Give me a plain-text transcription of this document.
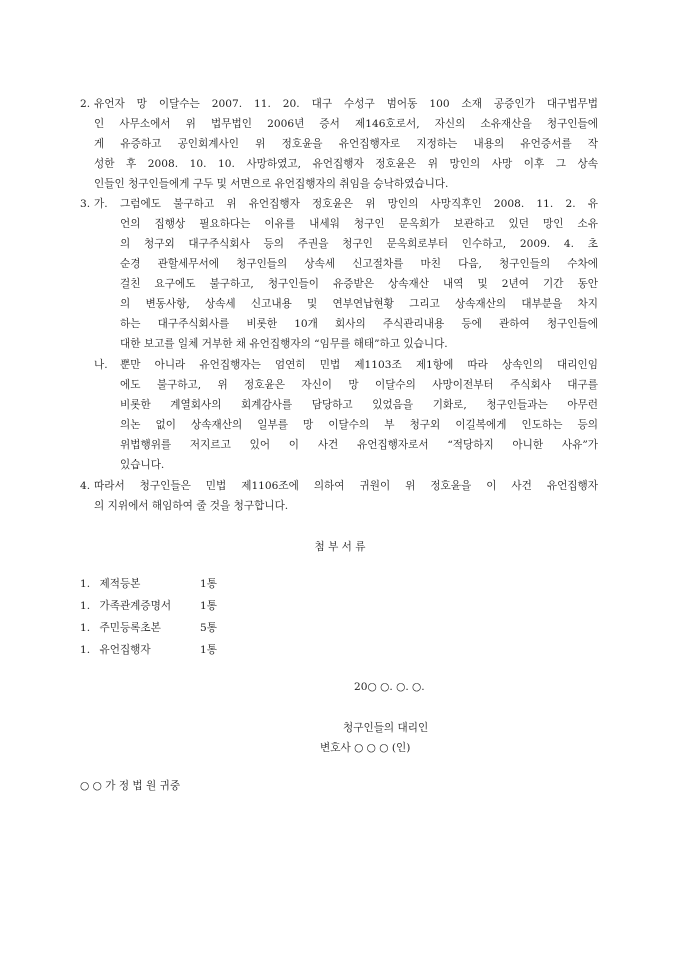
2. 유언자 망 이달수는 2007. 11. 20. 대구 수성구 범어동 100 소재 공증인가 대구법무법
인 사무소에서 위 법무법인 2006년 증서 제146호로서, 자신의 소유재산을 청구인들에
게 유증하고 공인회계사인 위 정호윤을 유언집행자로 지정하는 내용의 유언증서를 작
성한 후 2008. 10. 10. 사망하였고, 유언집행자 정호윤은 위 망인의 사망 이후 그 상속
인들인 청구인들에게 구두 및 서면으로 유언집행자의 취임을 승낙하였습니다.
3. 가. 그럼에도 불구하고 위 유언집행자 정호윤은 위 망인의 사망직후인 2008. 11. 2. 유
언의 집행상 필요하다는 이유를 내세워 청구인 문옥희가 보관하고 있던 망인 소유
의 청구외 대구주식회사 등의 주권을 청구인 문옥희로부터 인수하고, 2009. 4. 초
순경 관할세무서에 청구인들의 상속세 신고절차를 마친 다음, 청구인들의 수차에
걸친 요구에도 불구하고, 청구인들이 유증받은 상속재산 내역 및 2년여 기간 동안
의 변동사항, 상속세 신고내용 및 연부연납현황 그리고 상속재산의 대부분을 차지
하는 대구주식회사를 비롯한 10개 회사의 주식관리내용 등에 관하여 청구인들에
대한 보고를 일체 거부한 채 유언집행자의 “임무를 해태”하고 있습니다.
나. 뿐만 아니라 유언집행자는 엄연히 민법 제1103조 제1항에 따라 상속인의 대리인임
에도 불구하고, 위 정호윤은 자신이 망 이달수의 사망이전부터 주식회사 대구를
비롯한 계열회사의 회계감사를 담당하고 있었음을 기화로, 청구인들과는 아무런
의논 없이 상속재산의 일부를 망 이달수의 부 청구외 이길복에게 인도하는 등의
위법행위를 저지르고 있어 이 사건 유언집행자로서 “적당하지 아니한 사유”가
있습니다.
4. 따라서 청구인들은 민법 제1106조에 의하여 귀원이 위 정호윤을 이 사건 유언집행자
의 지위에서 해임하여 줄 것을 청구합니다.
첨 부 서 류
1. 제적등본	1통
1. 가족관계증명서	1통
1. 주민등록초본	5통
1. 유언집행자	1통
20○ ○. ○. ○.
청구인들의 대리인
변호사 ○ ○ ○ (인)
○ ○ 가 정 법 원 귀중
